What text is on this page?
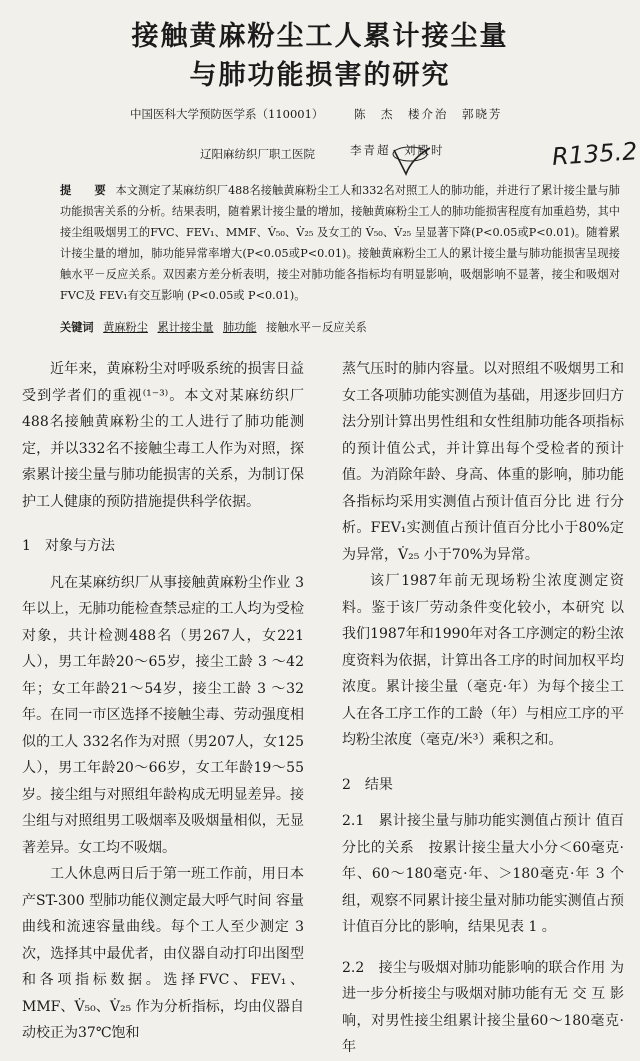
接触黄麻粉尘工人累计接尘量
与肺功能损害的研究
中国医科大学预防医学系（110001）	陈　杰　楼介治　郭晓芳
辽阳麻纺织厂职工医院	李青超　刘殿时	R135.2
提　要 本文测定了某麻纺织厂488名接触黄麻粉尘工人和332名对照工人的肺功能，并进行了累计接尘量与肺功能损害关系的分析。结果表明，随着累计接尘量的增加，接触黄麻粉尘工人的肺功能损害程度有加重趋势，其中接尘组吸烟男工的FVC、FEV₁、MMF、V̇₅₀、V̇₂₅ 及女工的 V̇₅₀、V̇₂₅ 呈显著下降(P<0.05或P<0.01)。随着累计接尘量的增加，肺功能异常率增大(P<0.05或P<0.01)。接触黄麻粉尘工人的累计接尘量与肺功能损害呈现接触水平－反应关系。双因素方差分析表明，接尘对肺功能各指标均有明显影响，吸烟影响不显著，接尘和吸烟对 FVC及 FEV₁有交互影响 (P<0.05或 P<0.01)。
关键词 黄麻粉尘 累计接尘量 肺功能 接触水平－反应关系

近年来，黄麻粉尘对呼吸系统的损害日益受到学者们的重视⁽¹⁻³⁾。本文对某麻纺织厂488名接触黄麻粉尘的工人进行了肺功能测定，并以332名不接触尘毒工人作为对照，探索累计接尘量与肺功能损害的关系，为制订保护工人健康的预防措施提供科学依据。

1　对象与方法

凡在某麻纺织厂从事接触黄麻粉尘作业 3 年以上，无肺功能检查禁忌症的工人均为受检对象，共计检测488名（男267人，女221人），男工年龄20～65岁，接尘工龄 3 ～42年；女工年龄21～54岁，接尘工龄 3 ～32年。在同一市区选择不接触尘毒、劳动强度相似的工人 332名作为对照（男207人，女125人），男工年龄20～66岁，女工年龄19～55岁。接尘组与对照组年龄构成无明显差异。接尘组与对照组男工吸烟率及吸烟量相似，无显著差异。女工均不吸烟。

工人休息两日后于第一班工作前，用日本产ST-300 型肺功能仪测定最大呼气时间 容量曲线和流速容量曲线。每个工人至少测定 3 次，选择其中最优者，由仪器自动打印出图型和各项指标数据。选择FVC、FEV₁、MMF、V̇₅₀、V̇₂₅ 作为分析指标，均由仪器自动校正为37℃饱和

蒸气压时的肺内容量。以对照组不吸烟男工和女工各项肺功能实测值为基础，用逐步回归方法分别计算出男性组和女性组肺功能各项指标的预计值公式，并计算出每个受检者的预计值。为消除年龄、身高、体重的影响，肺功能各指标均采用实测值占预计值百分比 进 行分析。FEV₁实测值占预计值百分比小于80%定为异常，V̇₂₅ 小于70%为异常。

该厂1987年前无现场粉尘浓度测定资料。鉴于该厂劳动条件变化较小，本研究 以 我们1987年和1990年对各工序测定的粉尘浓度资料为依据，计算出各工序的时间加权平均浓度。累计接尘量（毫克·年）为每个接尘工人在各工序工作的工龄（年）与相应工序的平均粉尘浓度（毫克/米³）乘积之和。

2　结果

2.1　累计接尘量与肺功能实测值占预计 值百分比的关系　按累计接尘量大小分＜60毫克·年、60～180毫克·年、＞180毫克·年 3 个组，观察不同累计接尘量对肺功能实测值占预计值百分比的影响，结果见表 1 。

2.2　接尘与吸烟对肺功能影响的联合作用 为进一步分析接尘与吸烟对肺功能有无 交 互 影响，对男性接尘组累计接尘量60～180毫克·年
